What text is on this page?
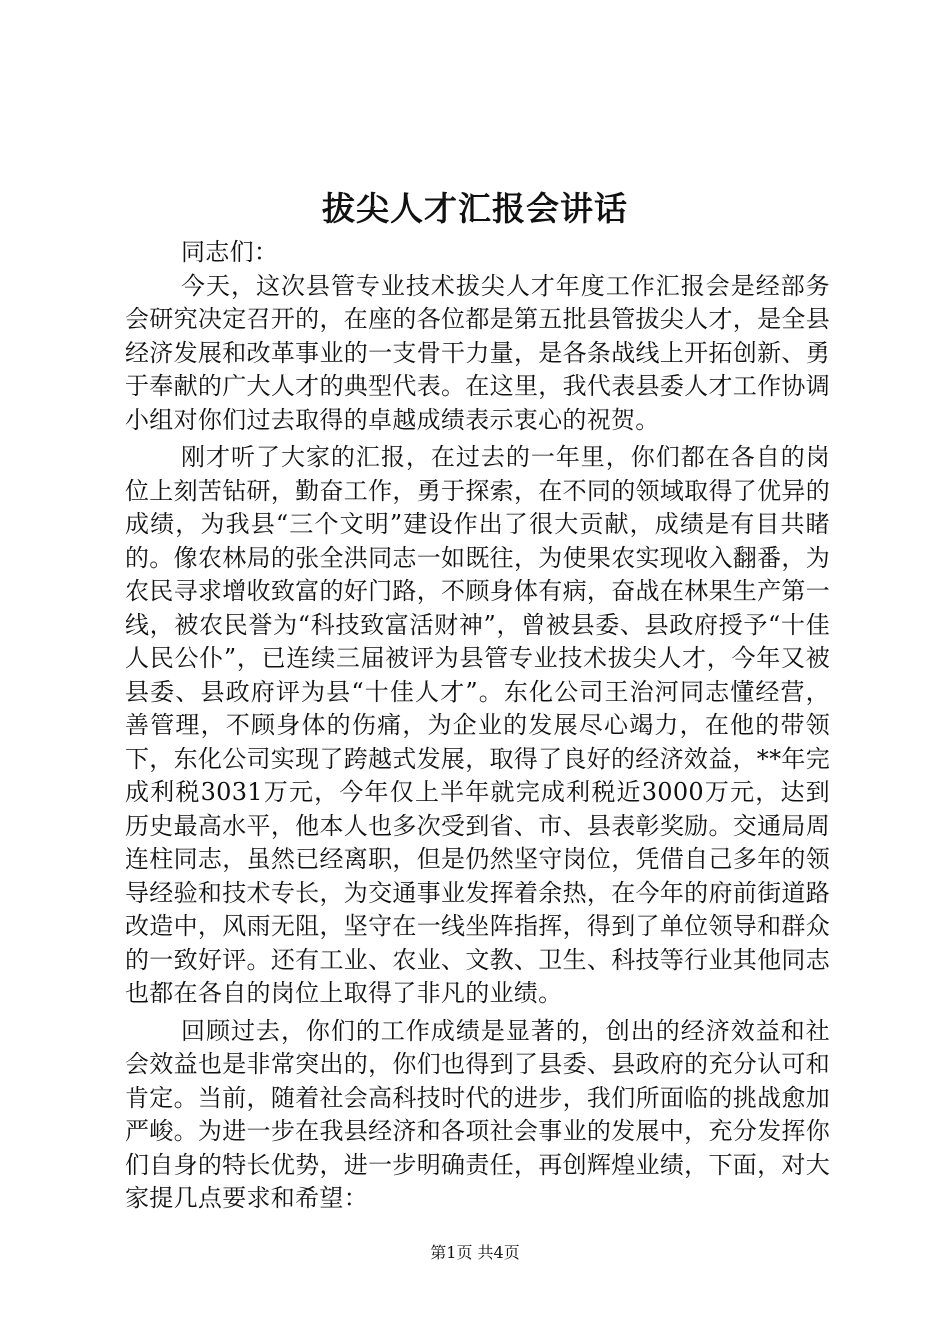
拔尖人才汇报会讲话

同志们：

今天，这次县管专业技术拔尖人才年度工作汇报会是经部务会研究决定召开的，在座的各位都是第五批县管拔尖人才，是全县经济发展和改革事业的一支骨干力量，是各条战线上开拓创新、勇于奉献的广大人才的典型代表。在这里，我代表县委人才工作协调小组对你们过去取得的卓越成绩表示衷心的祝贺。

刚才听了大家的汇报，在过去的一年里，你们都在各自的岗位上刻苦钻研，勤奋工作，勇于探索，在不同的领域取得了优异的成绩，为我县“三个文明”建设作出了很大贡献，成绩是有目共睹的。像农林局的张全洪同志一如既往，为使果农实现收入翻番，为农民寻求增收致富的好门路，不顾身体有病，奋战在林果生产第一线，被农民誉为“科技致富活财神”，曾被县委、县政府授予“十佳人民公仆”，已连续三届被评为县管专业技术拔尖人才，今年又被县委、县政府评为县“十佳人才”。东化公司王治河同志懂经营，善管理，不顾身体的伤痛，为企业的发展尽心竭力，在他的带领下，东化公司实现了跨越式发展，取得了良好的经济效益，**年完成利税3031万元，今年仅上半年就完成利税近3000万元，达到历史最高水平，他本人也多次受到省、市、县表彰奖励。交通局周连柱同志，虽然已经离职，但是仍然坚守岗位，凭借自己多年的领导经验和技术专长，为交通事业发挥着余热，在今年的府前街道路改造中，风雨无阻，坚守在一线坐阵指挥，得到了单位领导和群众的一致好评。还有工业、农业、文教、卫生、科技等行业其他同志也都在各自的岗位上取得了非凡的业绩。

回顾过去，你们的工作成绩是显著的，创出的经济效益和社会效益也是非常突出的，你们也得到了县委、县政府的充分认可和肯定。当前，随着社会高科技时代的进步，我们所面临的挑战愈加严峻。为进一步在我县经济和各项社会事业的发展中，充分发挥你们自身的特长优势，进一步明确责任，再创辉煌业绩，下面，对大家提几点要求和希望：

第1页 共4页
